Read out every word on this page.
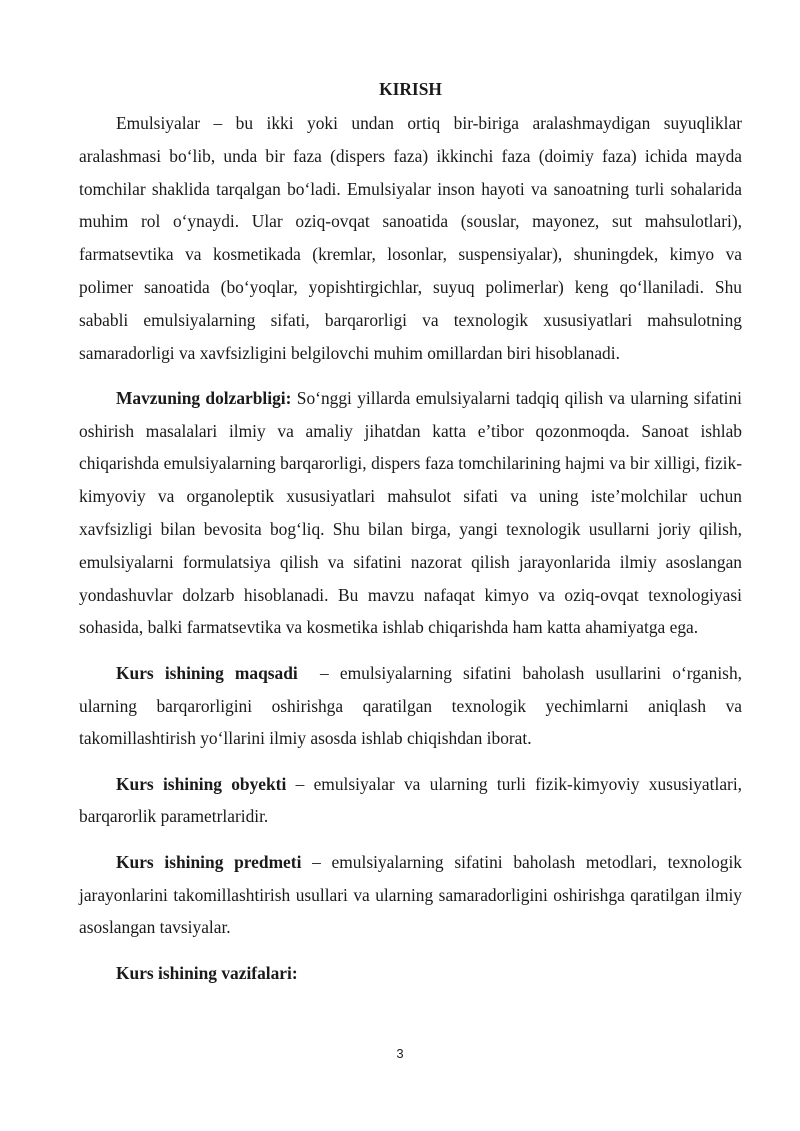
KIRISH

Emulsiyalar – bu ikki yoki undan ortiq bir-biriga aralashmaydigan suyuqliklar aralashmasi boʻlib, unda bir faza (dispers faza) ikkinchi faza (doimiy faza) ichida mayda tomchilar shaklida tarqalgan boʻladi. Emulsiyalar inson hayoti va sanoatning turli sohalarida muhim rol oʻynaydi. Ular oziq-ovqat sanoatida (souslar, mayonez, sut mahsulotlari), farmatsevtika va kosmetikada (kremlar, losonlar, suspensiyalar), shuningdek, kimyo va polimer sanoatida (boʻyoqlar, yopishtirgichlar, suyuq polimerlar) keng qoʻllaniladi. Shu sababli emulsiyalarning sifati, barqarorligi va texnologik xususiyatlari mahsulotning samaradorligi va xavfsizligini belgilovchi muhim omillardan biri hisoblanadi.

Mavzuning dolzarbligi: Soʻnggi yillarda emulsiyalarni tadqiq qilish va ularning sifatini oshirish masalalari ilmiy va amaliy jihatdan katta e’tibor qozonmoqda. Sanoat ishlab chiqarishda emulsiyalarning barqarorligi, dispers faza tomchilarining hajmi va bir xilligi, fizik-kimyoviy va organoleptik xususiyatlari mahsulot sifati va uning iste’molchilar uchun xavfsizligi bilan bevosita bogʻliq. Shu bilan birga, yangi texnologik usullarni joriy qilish, emulsiyalarni formulatsiya qilish va sifatini nazorat qilish jarayonlarida ilmiy asoslangan yondashuvlar dolzarb hisoblanadi. Bu mavzu nafaqat kimyo va oziq-ovqat texnologiyasi sohasida, balki farmatsevtika va kosmetika ishlab chiqarishda ham katta ahamiyatga ega.

Kurs ishining maqsadi  – emulsiyalarning sifatini baholash usullarini oʻrganish, ularning barqarorligini oshirishga qaratilgan texnologik yechimlarni aniqlash va takomillashtirish yoʻllarini ilmiy asosda ishlab chiqishdan iborat.

Kurs ishining obyekti – emulsiyalar va ularning turli fizik-kimyoviy xususiyatlari, barqarorlik parametrlaridir.

Kurs ishining predmeti – emulsiyalarning sifatini baholash metodlari, texnologik jarayonlarini takomillashtirish usullari va ularning samaradorligini oshirishga qaratilgan ilmiy asoslangan tavsiyalar.

Kurs ishining vazifalari:

3
